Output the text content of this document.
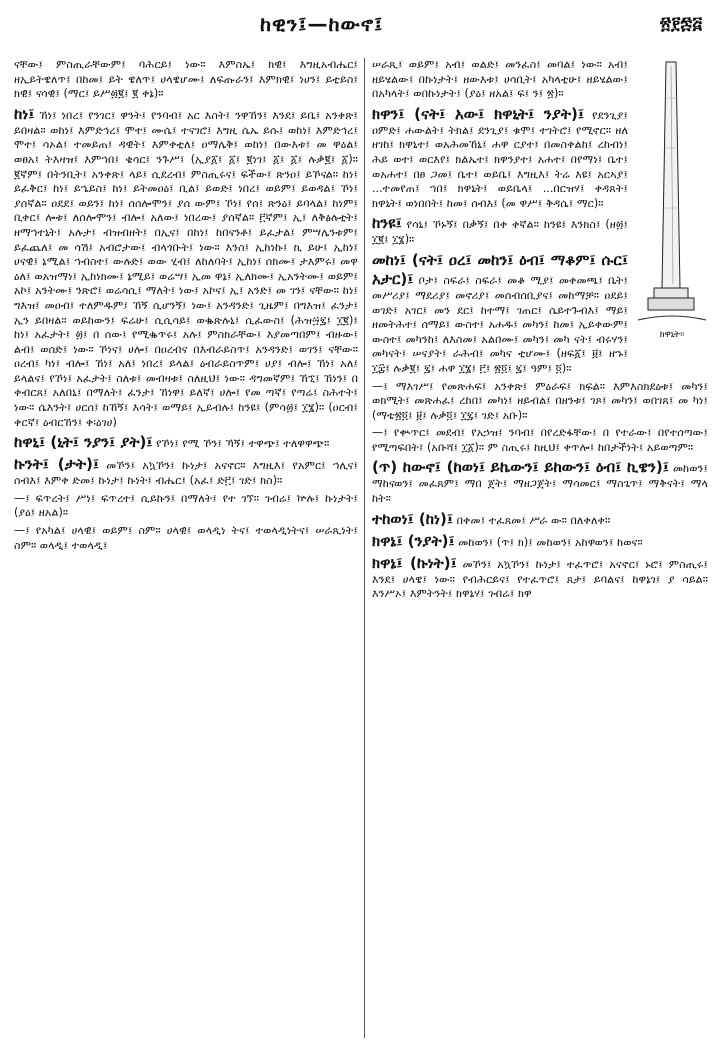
ከዊን፤—ከውኖ፤	፳፻፷፭

ናቸው፤ ምስጢራቸውም፤ ባሕርይ፤ ነው። እምስኤ፤ ክዊ፤ እግዚአብሔር፤ ዘኢይትዌለጥ፤ በከመ፤ ይት ዌለጥ፤ ሀላዌሆሙ፤ ለፍጡራን፤ እምክዊ፤ ነሀን፤ ይቲይስ፤ ክዊ፤ ናሳዊ፤ (ማር፤ ይሥ፴፪፤ ፪ ቀኔ)።

ከነ፤ ኸነ፤ ነበረ፤ የንገር፤ ዋንት፤ የንባብ፤ አር እስት፤ ንዋኸን፤ እንደ፤ ይቤ፤ አንቀጽ፤ ይበዛል። ወከነ፤ እምድኅረ፤ ሞተ፤ ሙሴ፤ ተናገሮ፤ እግዚ ሴኤ ይሱ፤ ወከነ፤ እምድኅረ፤ ሞተ፤ ሳኦል፤ ተመይጠ፤ ዳዊት፤ እምቀቲለ፤ ዐማሌቅ፤ ወከነ፤ በውእቱ፤ መ ዋዕል፤ ወፀአ፤ ትእዛዝ፤ እምኀበ፤ ቄሳር፤ ንጉሥ፤ (ኢያ፩፤ ፩፤ ፪ነገ፤ ፩፤ ፩፤ ሉቃ፪፤ ፩)። ፪ኛም፤ በትንቢት፤ አንቀጽ፤ ላይ፤ ሲደረብ፤ ምስጢሩና፤ ፍችው፤ ጽንዐ፤ ይኾናል። ከነ፤ ይፈቅር፤ ከነ፤ ይኄይስ፤ ከነ፤ ይትመዐዕ፤ ቢል፤ ይወድ፤ ነበረ፤ ወይም፤ ይወዳል፤ ኾነ፤ ያሰኛል። ዐደደ፤ ወይን፤ ከነ፤ ሰሰሎሞን፤ ያሰ ውም፤ ኾነ፤ የሰ፤ ጽንዕ፤ ይባላል፤ ከነም፤ ቢቀር፤ ሎቱ፤ ለሰሎሞን፤ ብሎ፤ አለው፤ ነበረው፤ ያሰኛል። ፫ኛም፤ ኢ፤ ለቅፅሉቲት፤ ዘማኀተኒት፤ አሉታ፤ ብዝብዘት፤ በኢና፤ በከነ፤ ከበናንቶ፤ ይፈታል፤ ምሣሌንቱም፤ ይፈጨለ፤ መ ሳሽ፤ አብሮታው፤ ብላጎቡት፤ ነው። እንስ፤ ኢከነኩ፤ ኪ ይሁ፤ ኢከነ፤ ሀናዊ፤ ኔሚል፤ ኀብስተ፤ ውሉድ፤ ወው ሂብ፤ ለከለባት፤ ኢከነ፤ ሰክሙ፤ ታእምሩ፤ መዋ ዕለ፤ ወአዝማነ፤ ኢከነክሙ፤ ኔሚይ፤ ወሬሣ፤ ኢመ ዋኔ፤ ኢለክሙ፤ ኢአንትሙ፤ ወይም፤ አኮ፤ አንትሙ፤ ንጽሮ፤ ወሬሳሲ፤ ማለት፤ ነው፤ አኮና፤ ኢ፤ አንድ፤ መ ገን፤ ናቸው። ከነ፤ ግእዝ፤ መዐብ፤ ተለምዱም፤ ኸኝ ሲሆንኝ፤ ነው፤ አንዳንድ፤ ጊዜም፤ በግእዝ፤ ፈንታ፤ ኢን ይበዛል። ወይከውን፤ ፍሬሁ፤ ሲሲሳይ፤ ወቈጽሉኒ፤ ሲፈውስ፤ (ሕዝ፵፯፤ ፲፪)፤ ከነ፤ አፈታት፤ ፴፤ በ ሰው፤ የሚቈጥሩ፤ አሉ፤ ምስክራቸው፤ እያመጣበም፤ ብዙው፤ ልብ፤ ወሰድ፤ ነው። ኾነና፤ ሀሎ፤ በዐረብና በእብራይስጥ፤ አንዳንድ፤ ወገን፤ ናቸው። ዐረብ፤ ካነ፤ ብሎ፤ ኸነ፤ አለ፤ ነበረ፤ ይላል፤ ዕብራይስጥም፤ ሀያ፤ ብሎ፤ ኸነ፤ አለ፤ ይላልና፤ የኾነ፤ አፈታት፤ ስለቱ፤ መብዛቱ፤ ስለዚህ፤ ነው። ዳግመኛም፤ ኸኚ፤ ኸነን፤ በ ቀብርጸ፤ አለበኒ፤ በማለት፤ ፈንታ፤ ኸነዋ፤ ይለኛ፤ ሀሎ፤ የመ ጣኛ፤ የጣሬ፤ ስሕተት፤ ነው። ሴእንት፤ ሀርሰ፤ ከኸኝ፤ እሳት፤ ወማይ፤ ኢይብሉ፤ ከንዩ፤ (ምሳ፴፤ ፲፮)። (ዐርብ፤ ቀርኛ፤ ዕብርኸን፤ ቀ፡ዕገሀ)

ከዋኒ፤ (ኒት፤ ንያን፤ ያት)፤ የኾነ፤ የሚ ኾን፤ ኻኝ፤ ተዋጭ፤ ተለዋዋጭ።

ኩንት፤ (ታት)፤ መኾን፤ አኳኾን፤ ኩነታ፤ አናኖር። እግዚእ፤ የአምር፤ ኀሊና፤ ሰብእ፤ እምቀ ድመ፤ ኩነታ፤ ኩነት፤ ብሔር፤ (አፈ፤ ድ፫፤ ገድ፤ ክስ)።

—፤ ፍጥረት፤ ሥነ፤ ፍጥረተ፤ ሲይኩን፤ በማለት፤ የተ ገኘ። ገብሬ፤ ኵሉ፤ ኩነታት፤ (ያዕ፤ ዘአል)።

—፤ የአካል፤ ሀላዊ፤ ወይም፤ ስም። ሀላዊ፤ ወላዲነ ትና፤ ተወላዲነትና፤ ሠራጺነት፤ ስም። ወላዲ፤ ተወላዲ፤

ክዋኒት።

ሠራጺ፤ ወይም፤ አብ፤ ወልድ፤ መንፈስ፤ መባል፤ ነው። አብ፤ ዘይሄልው፤ በኩነታት፤ ዘውእቱ፤ ሀሳቢት፤ አካላቲሁ፤ ዘይሄልው፤ በአካላት፤ ወበኩነታት፤ (ያዕ፤ ዘአል፤ ፍ፤ ን፤ ፳)።

ክዋን፤ (ናት፤ አው፤ ክዋኒት፤ ንያት)፤ የደንጊያ፤ ዐምድ፤ ሐውልት፤ ትክል፤ ደንጊያ፤ ቁሞ፤ ተገትሮ፤ የሚኖር። ዘለ ዘገከ፤ ክዋኒተ፤ ወአሕመኸኒ፤ ሐዋ ርያተ፤ በመስቀልከ፤ ረከብነ፤ ሕይ ወተ፤ ወርእየ፤ ክልኤተ፤ ክዋንያተ፤ አሐተ፤ በየማነ፤ ቤተ፤ ወአሐተ፤ በፀ ጋመ፤ ቤተ፤ ወይቤ፤ እግዚእ፤ ትሬ እዩ፤ አርኣያ፤ ...ተመየጠ፤ ኀበ፤ ክዋኒት፤ ወይቤላ፤ ...በርዝሃ፤ ቀዳጸት፤ ክዋኒት፤ ወነበበት፤ ከመ፤ ሰብእ፤ (መ ዋሥ፤ ቅዳሴ፤ ማር)።

ከንዩ፤ የሳኒ፤ ኾኑኝ፤ በቃኝ፤ በቀ ቀኛል። ከንዩ፤ እንክስ፤ (ዘ፴፤ ፲፪፤ ፲፮)።

መከነ፤ (ናት፤ ዐረ፤ መከን፤ ዕብ፤ ማቆም፤ ሱር፤ አታር)፤ ቦታ፤ ስፍራ፤ ስፍራ፤ መቆ ሚያ፤ መቀመጫ፤ ቤት፤ መሥሪያ፤ ማደሪያ፤ መኖሪያ፤ መሰብሰቢያና፤ መከማቻ። ዐደይ፤ ወገድ፤ አገር፤ መን ደር፤ ከተማ፤ ገጠር፤ ሴይተጉብእ፤ ማይ፤ ዘመትሕተ፤ ሰማይ፤ ውስተ፤ አሐዱ፤ መካን፤ ከመ፤ ኢይቀውም፤ ውስተ፤ መካንከ፤ ለእስመ፤ አልበሙ፤ መካን፤ መካ ናት፤ ብሩሃን፤ መካናት፤ ሠናያት፤ ራሕብ፤ መካና ቲሆሙ፤ (ዘፍ፩፤ ፱፤ ዘኁ፤ ፲፰፤ ሉቃ፪፤ ፯፤ ሐዋ ፲፮፤ ፫፤ ፳፬፤ ፯፤ ዓም፤ ፬)።

—፤ ማእገሥ፤ የመጽሐፍ፤ አንቀጽ፤ ምዕራፍ፤ ክፍል። እምእስክደዕቱ፤ መካን፤ ወክሚት፤ መጽሐፈ፤ ረከበ፤ መካነ፤ ዘይብል፤ በዘንቱ፤ ገጾ፤ መካን፤ ወበገጸ፤ መ ካነ፤ (ማቴ፳፬፤ ፱፤ ሉቃ፬፤ ፲፯፤ ገድ፤ አቡ)።

—፤ የቊጥር፤ መደብ፤ የአኃዝ፤ ንባብ፤ በየረድፋቸው፤ በ የተራው፤ በየተሰጣው፤ የሚጣፍበት፤ (አቡሻ፤ ፲፩)። ም ስጢሩ፤ ከዚህ፤ ቀጥሎ፤ ከበታችነት፤ አይወጣም።

(ጥ) ከውኖ፤ (ከወነ፤ ይኬውን፤ ይከውን፤ ዕብ፤ ኪዌን)፤ መከወን፤ ማከናወን፤ መፈጸም፤ ማበ ጀት፤ ማዘጋጀት፤ ማሳመር፤ ማስጌጥ፤ ማቅናት፤ ማላ ከት።

ተከወነ፤ (ከነ)፤ በቀመ፤ ተፈጸመ፤ ሥራ ው። በለቀለቀ።

ክዋኔ፤ (ንያት)፤ መከወን፤ (ጥ፤ ክ)፤ መከወን፤ አከዋወን፤ ከወና።

ክዋኔ፤ (ኩነት)፤ መኾን፤ አኳኾን፤ ኩነታ፤ ተፈጥሮ፤ አናኖር፤ ኑሮ፤ ምስጢሩ፤ እንደ፤ ሀላዌ፤ ነው። የብሕርይና፤ የተፈጥሮ፤ ጸታ፤ ይባልና፤ ከዋኔገ፤ ያ ሳይል። እንሥኦ፤ እምትንት፤ ክዋኔሃ፤ ገብሬ፤ ክዋ
